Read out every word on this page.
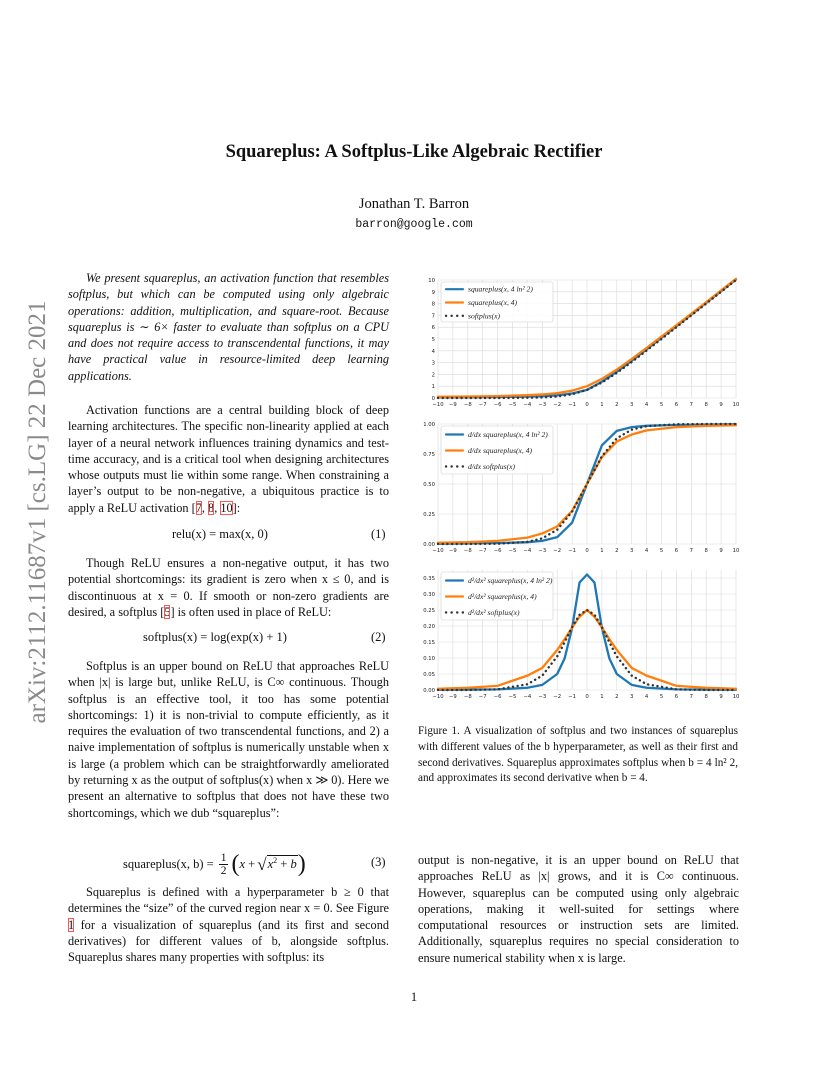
Squareplus: A Softplus-Like Algebraic Rectifier
Jonathan T. Barron
barron@google.com
arXiv:2112.11687v1 [cs.LG] 22 Dec 2021
We present squareplus, an activation function that resembles softplus, but which can be computed using only algebraic operations: addition, multiplication, and square-root. Because squareplus is ∼ 6× faster to evaluate than softplus on a CPU and does not require access to transcendental functions, it may have practical value in resource-limited deep learning applications.
Activation functions are a central building block of deep learning architectures. The specific non-linearity applied at each layer of a neural network influences training dynamics and test-time accuracy, and is a critical tool when designing architectures whose outputs must lie within some range. When constraining a layer’s output to be non-negative, a ubiquitous practice is to apply a ReLU activation [7, 8, 10]:
relu(x) = max(x, 0)	(1)
Though ReLU ensures a non-negative output, it has two potential shortcomings: its gradient is zero when x ≤ 0, and is discontinuous at x = 0. If smooth or non-zero gradients are desired, a softplus [5] is often used in place of ReLU:
softplus(x) = log(exp(x) + 1)	(2)
Softplus is an upper bound on ReLU that approaches ReLU when |x| is large but, unlike ReLU, is C∞ continuous. Though softplus is an effective tool, it too has some potential shortcomings: 1) it is non-trivial to compute efficiently, as it requires the evaluation of two transcendental functions, and 2) a naive implementation of softplus is numerically unstable when x is large (a problem which can be straightforwardly ameliorated by returning x as the output of softplus(x) when x ≫ 0). Here we present an alternative to softplus that does not have these two shortcomings, which we dub “squareplus”:
squareplus(x, $b) = \frac{1}{2}$ ( x + √ $x^2 + b$ )	(3)
Squareplus is defined with a hyperparameter b ≥ 0 that determines the “size” of the curved region near x = 0. See Figure 1 for a visualization of squareplus (and its first and second derivatives) for different values of b, alongside softplus. Squareplus shares many properties with softplus: its
−10 −9 −8 −7 −6 −5 −4 −3 −2 −1 0 1 2 3 4 5 6 7 8 9 10
0
1
2
3
4
5
6
7
8
9
10
squareplus(x, 4 ln² 2)
squareplus(x, 4)
softplus(x)
−10 −9 −8 −7 −6 −5 −4 −3 −2 −1 0 1 2 3 4 5 6 7 8 9 10
0.00
0.25
0.50
0.75
1.00
d/dx squareplus(x, 4 ln² 2)
d/dx squareplus(x, 4)
d/dx softplus(x)
−10 −9 −8 −7 −6 −5 −4 −3 −2 −1 0 1 2 3 4 5 6 7 8 9 10
0.00
0.05
0.10
0.15
0.20
0.25
0.30
0.35	d²/dx² squareplus(x, 4 ln² 2)
d²/dx² squareplus(x, 4)
d²/dx² softplus(x)
Figure 1. A visualization of softplus and two instances of squareplus with different values of the b hyperparameter, as well as their first and second derivatives. Squareplus approximates softplus when b = 4 ln² 2, and approximates its second derivative when b = 4.
output is non-negative, it is an upper bound on ReLU that approaches ReLU as |x| grows, and it is C∞ continuous. However, squareplus can be computed using only algebraic operations, making it well-suited for settings where computational resources or instruction sets are limited. Additionally, squareplus requires no special consideration to ensure numerical stability when x is large.
1
